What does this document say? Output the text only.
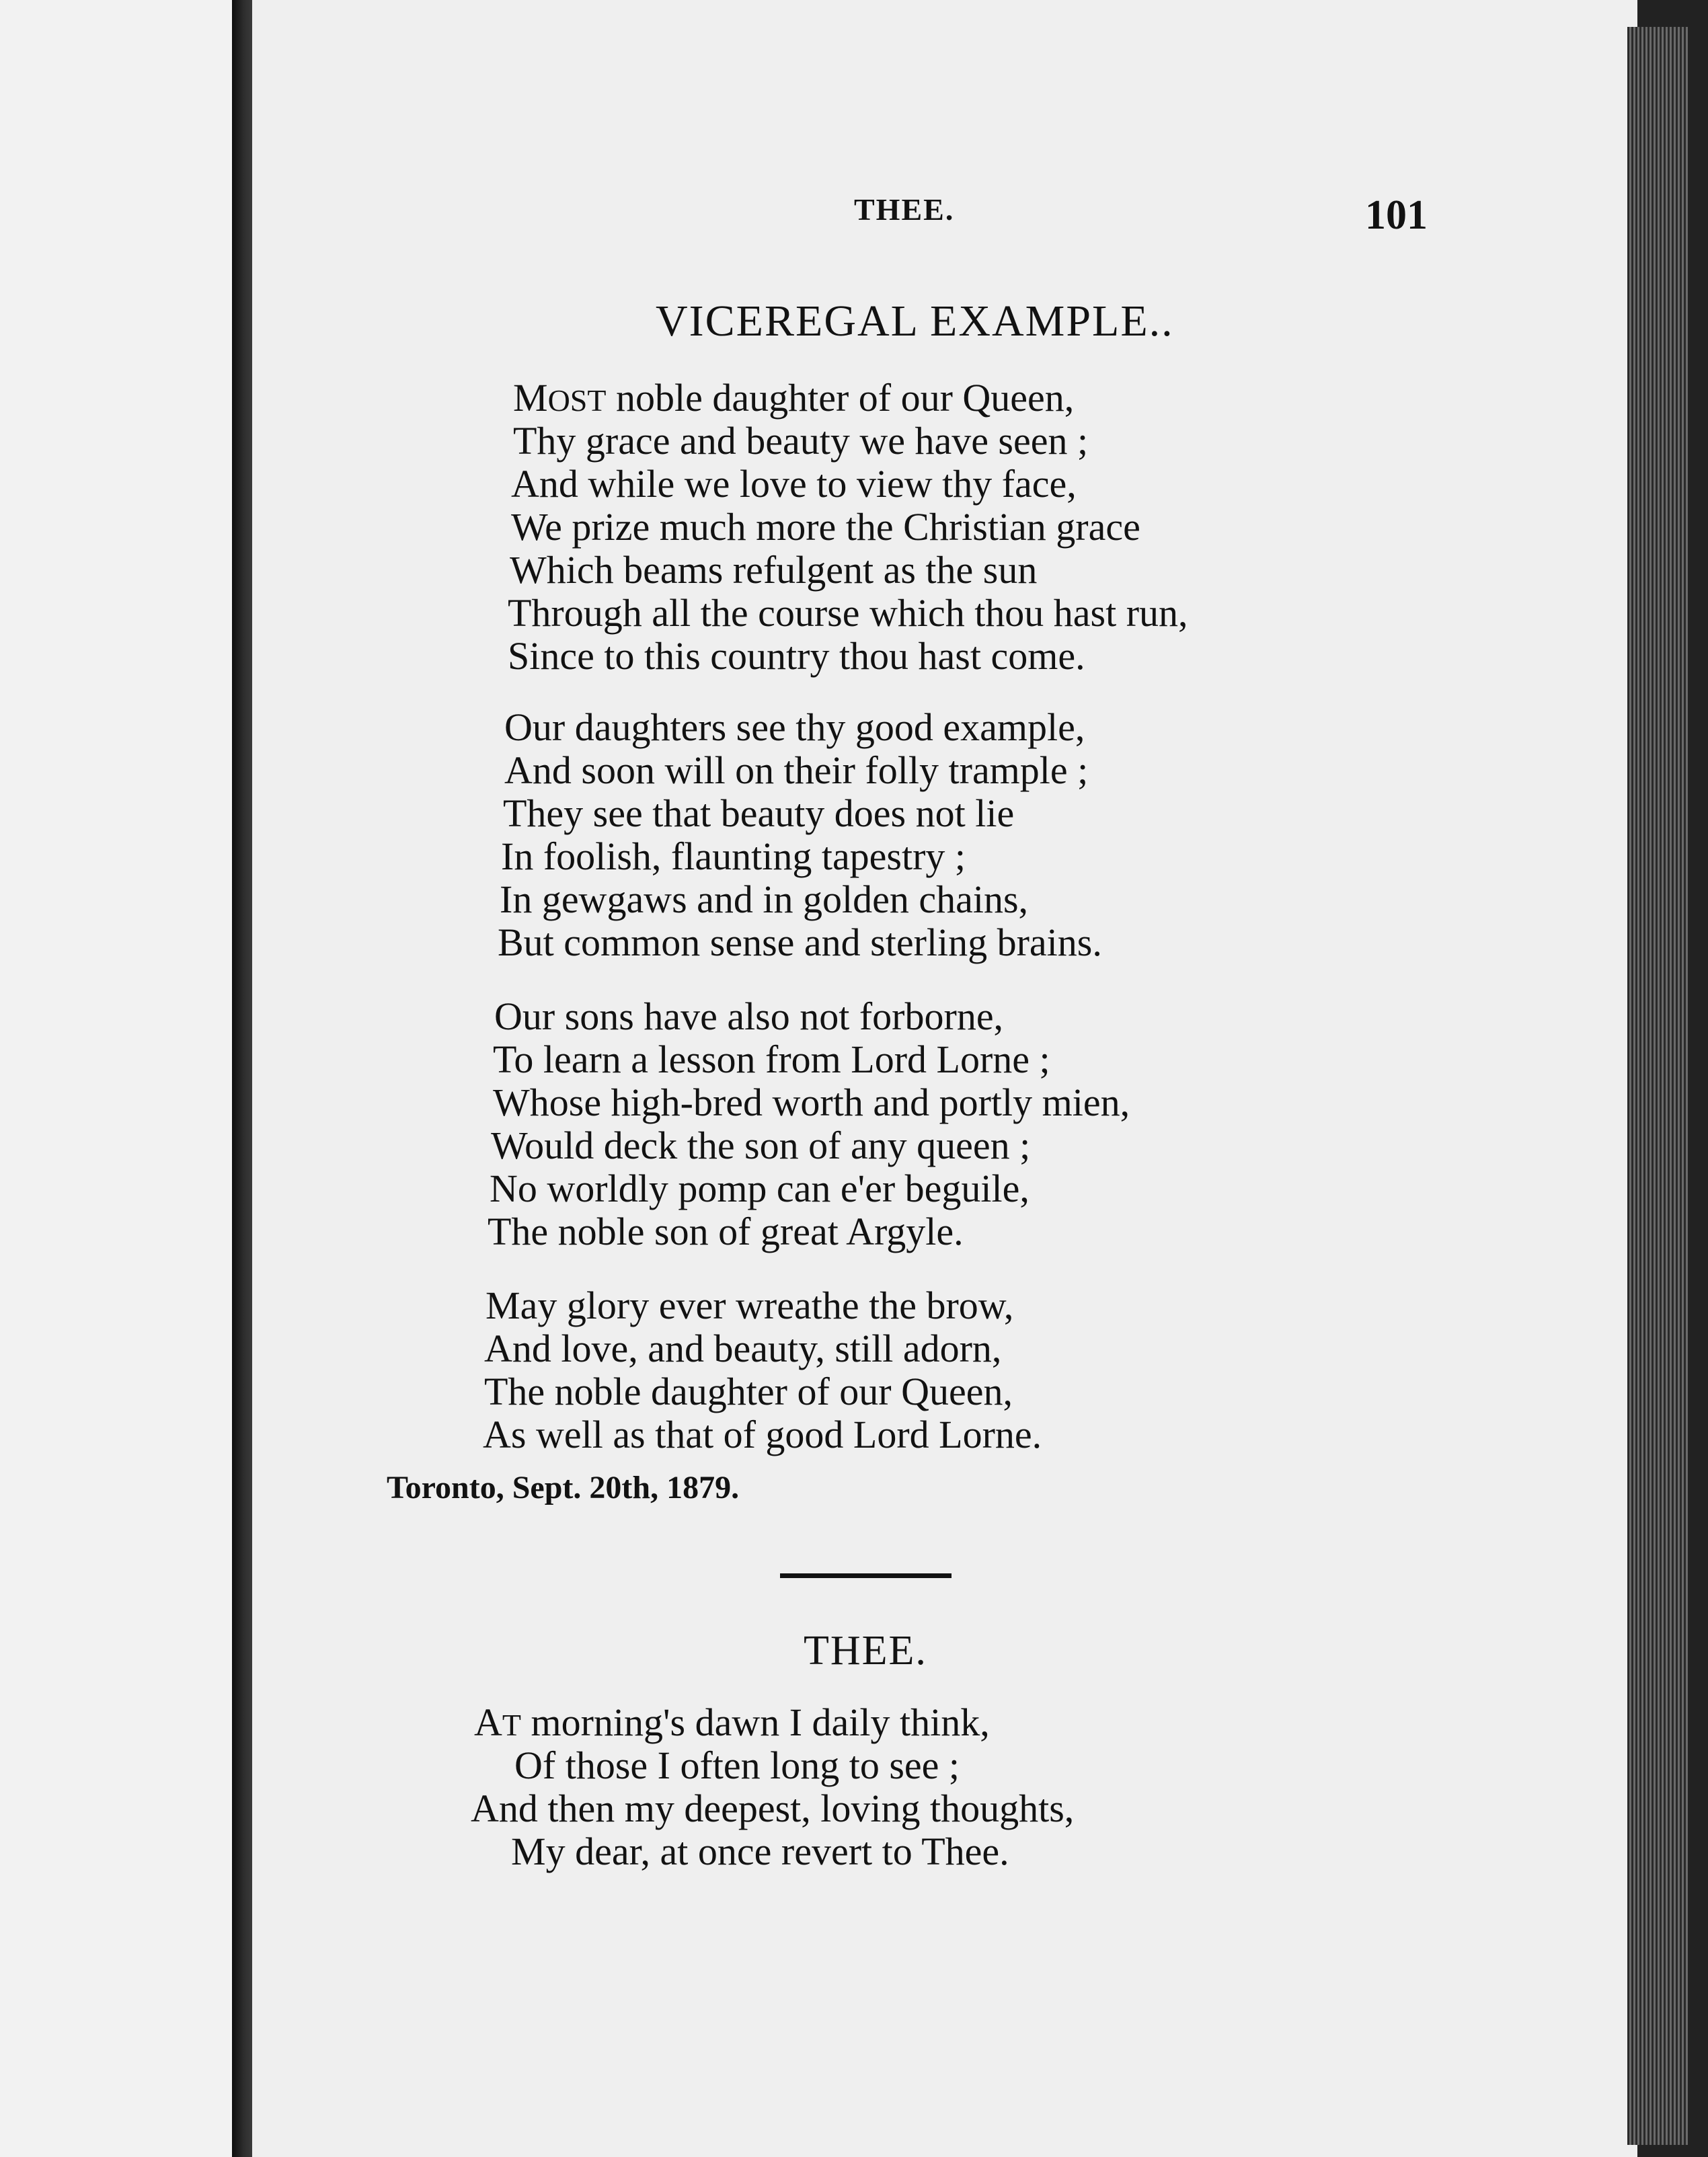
THEE.	101
VICEREGAL EXAMPLE..
MOST noble daughter of our Queen,
Thy grace and beauty we have seen ;
And while we love to view thy face,
We prize much more the Christian grace
Which beams refulgent as the sun
Through all the course which thou hast run,
Since to this country thou hast come.
Our daughters see thy good example,
And soon will on their folly trample ;
They see that beauty does not lie
In foolish, flaunting tapestry ;
In gewgaws and in golden chains,
But common sense and sterling brains.
Our sons have also not forborne,
To learn a lesson from Lord Lorne ;
Whose high-bred worth and portly mien,
Would deck the son of any queen ;
No worldly pomp can e'er beguile,
The noble son of great Argyle.
May glory ever wreathe the brow,
And love, and beauty, still adorn,
The noble daughter of our Queen,
As well as that of good Lord Lorne.
Toronto, Sept. 20th, 1879.
THEE.
AT morning's dawn I daily think,
Of those I often long to see ;
And then my deepest, loving thoughts,
My dear, at once revert to Thee.
